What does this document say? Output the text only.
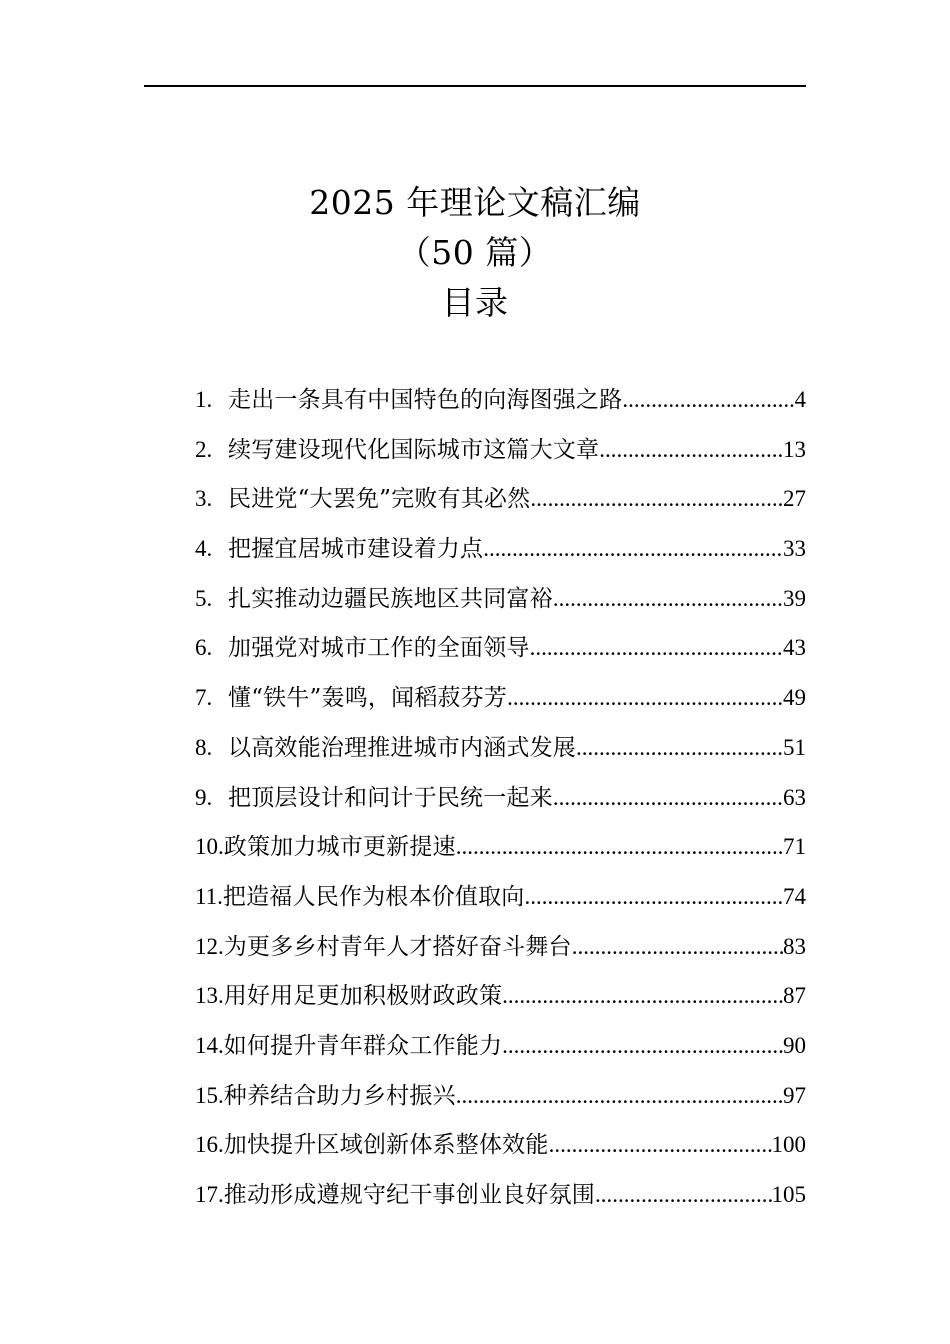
2025 年理论文稿汇编
（50 篇）
目录
1. 走出一条具有中国特色的向海图强之路 .....	4
2. 续写建设现代化国际城市这篇大文章 .....	13
3. 民进党“大罢免”完败有其必然 .....	27
4. 把握宜居城市建设着力点 .....	33
5. 扎实推动边疆民族地区共同富裕 .....	39
6. 加强党对城市工作的全面领导 .....	43
7. 懂“铁牛”轰鸣，闻稻菽芬芳 .....	49
8. 以高效能治理推进城市内涵式发展 .....	51
9. 把顶层设计和问计于民统一起来 .....	63
10. 政策加力城市更新提速 .....	71
11. 把造福人民作为根本价值取向 .....	74
12. 为更多乡村青年人才搭好奋斗舞台 .....	83
13. 用好用足更加积极财政政策 .....	87
14. 如何提升青年群众工作能力 .....	90
15. 种养结合助力乡村振兴 .....	97
16. 加快提升区域创新体系整体效能 .....	100
17. 推动形成遵规守纪干事创业良好氛围 .....	105
